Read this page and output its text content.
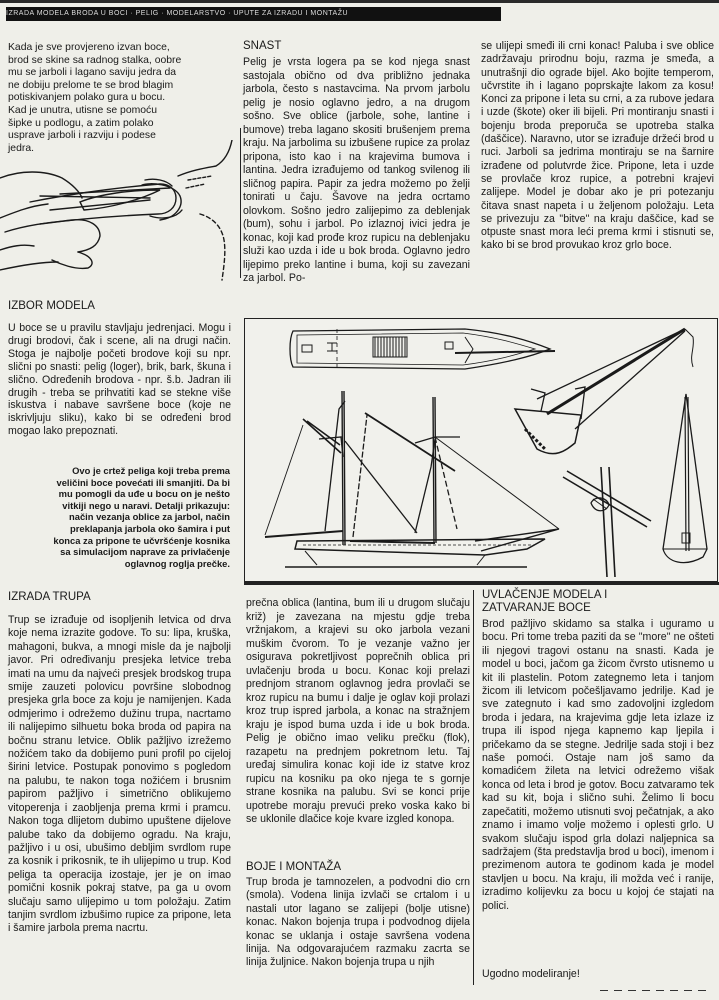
IZRADA MODELA BRODA U BOCI · PELIG · MODELARSTVO · UPUTE ZA IZRADU I MONTAŽU

Kada je sve provjereno izvan boce, brod se skine sa radnog stalka, oobre mu se jarboli i lagano saviju jedra da ne dobiju prelome te se brod blagim potiskivanjem polako gura u bocu. Kad je unutra, utisne se pomoću šipke u podlogu, a zatim polako uspravе jarboli i razviju i podese jedra.

IZBOR MODELA

U boce se u pravilu stavljaju jedrenjaci. Mogu i drugi brodovi, čak i scene, ali na drugi način. Stoga je najbolje početi brodove koji su npr. slični po snasti: pelig (loger), brik, bark, škuna i slično. Određenih brodova - npr. š.b. Jadran ili drugih - treba se prihvatiti kad se stekne više iskustva i nabave savršene boce (koje ne iskrivljuju sliku), kako bi se određeni brod mogao lako prepoznati.

Ovo je crtež peliga koji treba prema veličini boce povećati ili smanjiti. Da bi mu pomogli da uđe u bocu on je nešto vitkiji nego u naravi. Detalji prikazuju: način vezanja oblice za jarbol, način preklapanja jarbola oko šamira i put konca za pripone te učvršćenje kosnika sa simulacijom naprave za privlačenje oglavnog roglja prečke.

IZRADA TRUPA

Trup se izrađuje od isopljenih letvica od drva koje nema izrazite godove. To su: lipa, kruška, mahagoni, bukva, a mnogi misle da je najbolji javor. Pri određivanju presjeka letvice treba imati na umu da najveći presjek brodskog trupa smije zauzeti polovicu površine slobodnog presjeka grla boce za koju je namijenjen. Kada odmjerimo i odrežemo dužinu trupa, nacrtamo ili nalijepimo silhuetu boka broda od papira na bočnu stranu letvice. Oblik pažljivo izrežemo nožićem tako da dobijemo puni profil po cijeloj širini letvice. Postupak ponovimo s pogledom na palubu, te nakon toga nožićem i brusnim papirom pažljivo i simetrično oblikujemo vitoperenja i zaobljenja prema krmi i pramcu. Nakon toga dlijetom dubimo upuštene dijelove palube tako da dobijemo ogradu. Na kraju, pažljivo i u osi, ubušimo debljim svrdlom rupe za kosnik i prikosnik, te ih ulijepimo u trup. Kod peliga ta operacija izostaje, jer je on imao pomični kosnik pokraj statve, pa ga u ovom slučaju samo ulijepimo u tom položaju. Zatim tanjim svrdlom izbušimo rupice za pripone, leta i šamire jarbola prema nacrtu.

SNAST

Pelig je vrsta logera pa se kod njega snast sastojala obično od dva približno jednaka jarbola, često s nastavcima. Na prvom jarbolu pelig je nosio oglavno jedro, a na drugom sošno. Sve oblice (jarbole, sohe, lantine i bumove) treba lagano skositi brušenjem prema kraju. Na jarbolima su izbušene rupice za prolaz pripona, isto kao i na krajevima bumova i lantina. Jedra izrađujemo od tankog svilenog ili sličnog papira. Papir za jedra možemo po želji tonirati u čaju. Šavove na jedra ocrtamo olovkom. Sošno jedro zalijepimo za deblenjak (bum), sohu i jarbol. Po izlaznoj ivici jedra je konac, koji kad prođe kroz rupicu na deblenjaku služi kao uzda i ide u bok broda. Oglavno jedro lijepimo preko lantine i buma, koji su zavezani za jarbol. Po-

se ulijepi smeđi ili crni konac! Paluba i sve oblice zadržavaju prirodnu boju, razma je smeđa, a unutrašnji dio ograde bijel. Ako bojite temperom, učvrstite ih i lagano poprskajte lakom za kosu! Konci za pripone i leta su crni, a za rubove jedara i uzde (škote) oker ili bijeli. Pri montiranju snasti i bojenju broda preporuča se upotreba stalka (daščice). Naravno, utor se izrađuje držeći brod u ruci. Jarboli sa jedrima montiraju se na šarnire izrađene od polutvrde žice. Pripone, leta i uzde se provlače kroz rupice, a potrebni krajevi zalijepe. Model je dobar ako je pri potezanju čitava snast napeta i u željenom položaju. Leta se privezuju za "bitve" na kraju daščice, kad se otpuste snast mora leći prema krmi i stisnuti se, kako bi se brod provukao kroz grlo boce.

prečna oblica (lantina, bum ili u drugom slučaju križ) je zavezana na mjestu gdje treba vržnjakom, a krajevi su oko jarbola vezani muškim čvorom. To je vezanje važno jer osigurava pokretljivost poprečnih oblica pri uvlačenju broda u bocu. Konac koji prelazi prednjom stranom oglavnog jedra provlači se kroz rupicu na bumu i dalje je oglav koji prolazi kroz trup ispred jarbola, a konac na stražnjem kraju je ispod buma uzda i ide u bok broda. Pelig je obično imao veliku prečku (flok), razapetu na prednjem pokretnom letu. Taj uređaj simulira konac koji ide iz statve kroz rupicu na kosniku pa oko njega te s gornje strane kosnika na palubu. Svi se konci prije upotrebe moraju prevući preko voska kako bi se uklonile dlačice koje kvare izgled konopa.

BOJE I MONTAŽA

Trup broda je tamnozelen, a podvodni dio crn (smola). Vodena linija izvlači se crtalom i u nastali utor lagano se zalijepi (bolje utisne) konac. Nakon bojenja trupa i podvodnog dijela konac se uklanja i ostaje savršena vodena linija. Na odgovarajućem razmaku zacrta se linija žuljnice. Nakon bojenja trupa u njih

UVLAČENJE MODELA I ZATVARANJE BOCE

Brod pažljivo skidamo sa stalka i uguramo u bocu. Pri tome treba paziti da se "more" ne ošteti ili njegovi tragovi ostanu na snasti. Kada je model u boci, jačom ga žicom čvrsto utisnemo u kit ili plastelin. Potom zategnemo leta i tanjom žicom ili letvicom počešljavamo jedrilje. Kad je sve zategnuto i kad smo zadovoljni izgledom broda i jedara, na krajevima gdje leta izlaze iz trupa ili ispod njega kapnemo kap ljepila i pričekamo da se stegne. Jedrilje sada stoji i bez naše pomoći. Ostaje nam još samo da komadićem žileta na letvici odrežemo višak konca od leta i brod je gotov. Bocu zatvaramo tek kad su kit, boja i slično suhi. Želimo li bocu zapečatiti, možemo utisnuti svoj pečatnjak, a ako znamo i imamo volje možemo i oplesti grlo. U svakom slučaju ispod grla dolazi naljepnica sa sadržajem (šta predstavlja brod u boci), imenom i prezimenom autora te godinom kada je model stavljen u bocu. Na kraju, ili možda već i ranije, izradimo kolijevku za bocu u kojoj će stajati na polici.

Ugodno modeliranje!
